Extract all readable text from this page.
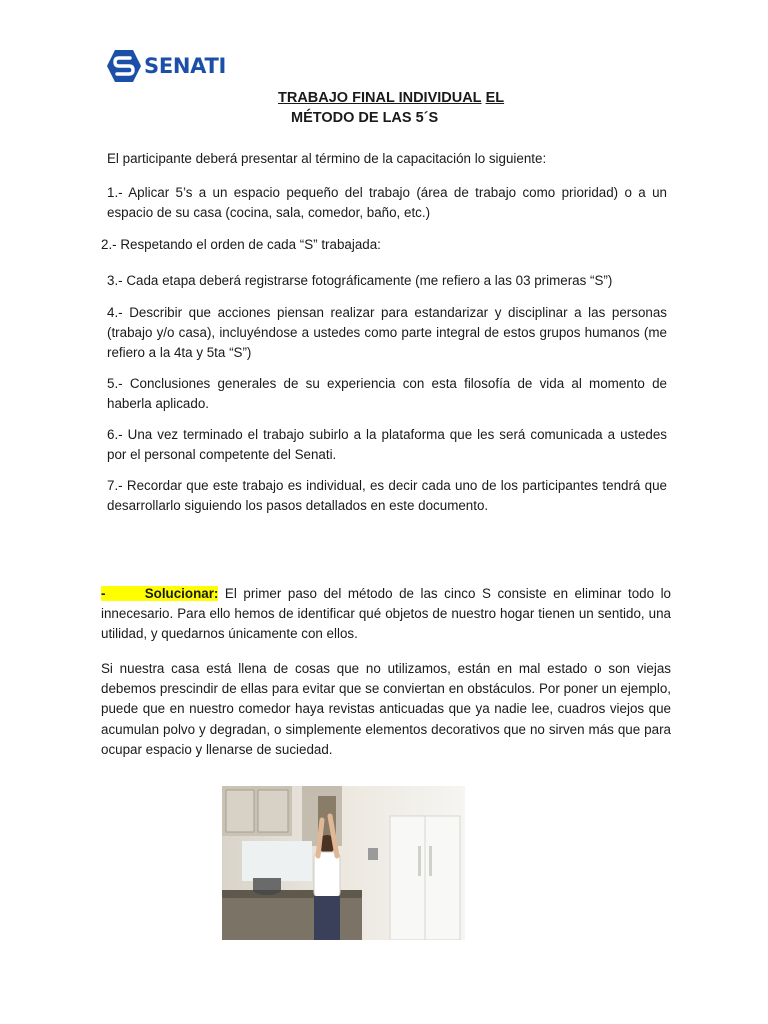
SENATI
TRABAJO FINAL INDIVIDUAL EL
MÉTODO DE LAS 5´S
El participante deberá presentar al término de la capacitación lo siguiente:
1.- Aplicar 5’s a un espacio pequeño del trabajo (área de trabajo como prioridad) o a un espacio de su casa (cocina, sala, comedor, baño, etc.)
2.- Respetando el orden de cada “S” trabajada:
3.- Cada etapa deberá registrarse fotográficamente (me refiero a las 03 primeras “S”)
4.- Describir que acciones piensan realizar para estandarizar y disciplinar a las personas (trabajo y/o casa), incluyéndose a ustedes como parte integral de estos grupos humanos (me refiero a la 4ta y 5ta “S”)
5.- Conclusiones generales de su experiencia con esta filosofía de vida al momento de haberla aplicado.
6.- Una vez terminado el trabajo subirlo a la plataforma que les será comunicada a ustedes por el personal competente del Senati.
7.- Recordar que este trabajo es individual, es decir cada uno de los participantes tendrá que desarrollarlo siguiendo los pasos detallados en este documento.
-      Solucionar: El primer paso del método de las cinco S consiste en eliminar todo lo innecesario. Para ello hemos de identificar qué objetos de nuestro hogar tienen un sentido, una utilidad, y quedarnos únicamente con ellos.
Si nuestra casa está llena de cosas que no utilizamos, están en mal estado o son viejas debemos prescindir de ellas para evitar que se conviertan en obstáculos. Por poner un ejemplo, puede que en nuestro comedor haya revistas anticuadas que ya nadie lee, cuadros viejos que acumulan polvo y degradan, o simplemente elementos decorativos que no sirven más que para ocupar espacio y llenarse de suciedad.
